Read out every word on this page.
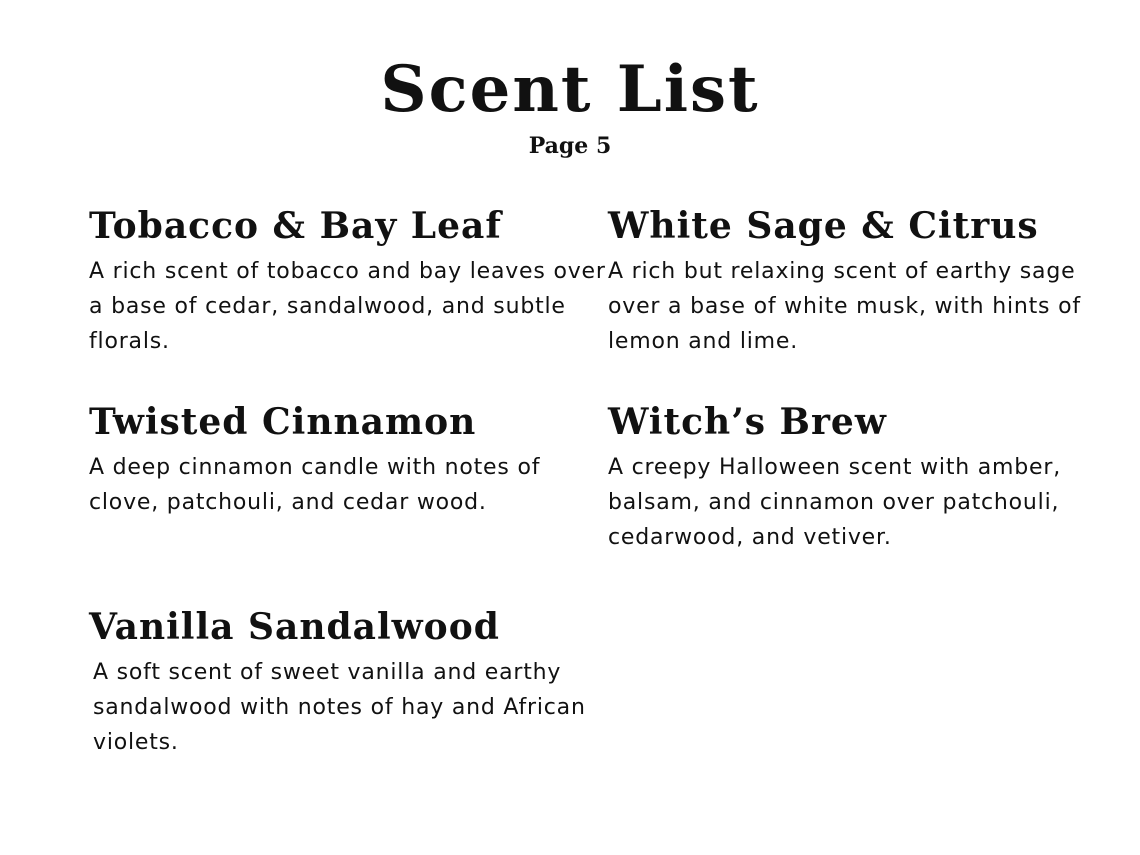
Scent List
Page 5
Tobacco & Bay Leaf

A rich scent of tobacco and bay leaves over a base of cedar, sandalwood, and subtle florals.

White Sage & Citrus

A rich but relaxing scent of earthy sage over a base of white musk, with hints of lemon and lime.

Twisted Cinnamon

A deep cinnamon candle with notes of clove, patchouli, and cedar wood.

Witch’s Brew

A creepy Halloween scent with amber, balsam, and cinnamon over patchouli, cedarwood, and vetiver.

Vanilla Sandalwood

A soft scent of sweet vanilla and earthy sandalwood with notes of hay and African violets.
